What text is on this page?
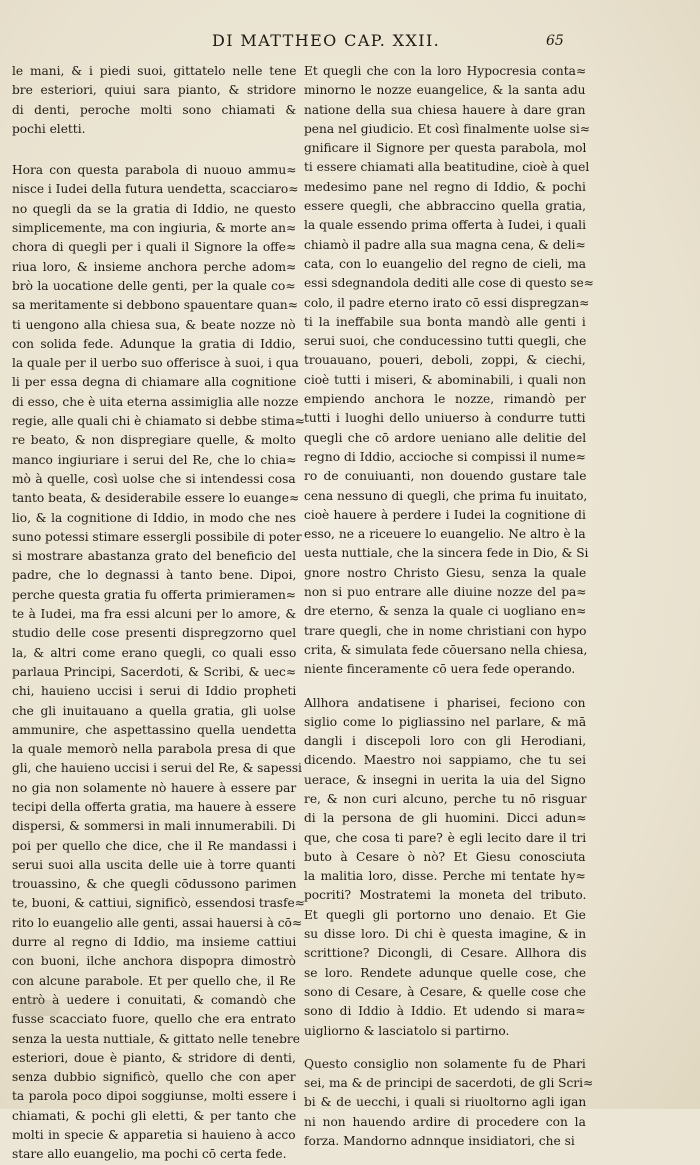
DI MATTHEO CAP. XXII.	65
le mani, & i piedi suoi, gittatelo nelle tene
bre esteriori, quiui sara pianto, & stridore
di denti, peroche molti sono chiamati &
pochi eletti.
Hora con questa parabola di nuouo ammu≈
nisce i Iudei della futura uendetta, scacciaro≈
no quegli da se la gratia di Iddio, ne questo
simplicemente, ma con ingiuria, & morte an≈
chora di quegli per i quali il Signore la offe≈
riua loro, & insieme anchora perche adom≈
brò la uocatione delle genti, per la quale co≈
sa meritamente si debbono spauentare quan≈
ti uengono alla chiesa sua, & beate nozze nò
con solida fede. Adunque la gratia di Iddio,
la quale per il uerbo suo offerisce à suoi, i qua
li per essa degna di chiamare alla cognitione
di esso, che è uita eterna assimiglia alle nozze
regie, alle quali chi è chiamato si debbe stima≈
re beato, & non dispregiare quelle, & molto
manco ingiuriare i serui del Re, che lo chia≈
mò à quelle, così uolse che si intendessi cosa
tanto beata, & desiderabile essere lo euange≈
lio, & la cognitione di Iddio, in modo che nes
suno potessi stimare essergli possibile di poter
si mostrare abastanza grato del beneficio del
padre, che lo degnassi à tanto bene. Dipoi,
perche questa gratia fu offerta primieramen≈
te à Iudei, ma fra essi alcuni per lo amore, &
studio delle cose presenti dispregzorno quel
la, & altri come erano quegli, co quali esso
parlaua Principi, Sacerdoti, & Scribi, & uec≈
chi, hauieno uccisi i serui di Iddio propheti
che gli inuitauano a quella gratia, gli uolse
ammunire, che aspettassino quella uendetta
la quale memorò nella parabola presa di que
gli, che hauieno uccisi i serui del Re, & sapessi
no gia non solamente nò hauere à essere par
tecipi della offerta gratia, ma hauere à essere
dispersi, & sommersi in mali innumerabili. Di
poi per quello che dice, che il Re mandassi i
serui suoi alla uscita delle uie à torre quanti
trouassino, & che quegli cōdussono parimen
te, buoni, & cattiui, significò, essendosi trasfe≈
rito lo euangelio alle genti, assai hauersi à cō≈
durre al regno di Iddio, ma insieme cattiui
con buoni, ilche anchora dispopra dimostrò
con alcune parabole. Et per quello che, il Re
entrò à uedere i conuitati, & comandò che
fusse scacciato fuore, quello che era entrato
senza la uesta nuttiale, & gittato nelle tenebre
esteriori, doue è pianto, & stridore di denti,
senza dubbio significò, quello che con aper
ta parola poco dipoi soggiunse, molti essere i
chiamati, & pochi gli eletti, & per tanto che
molti in specie & apparetia si hauieno à acco
stare allo euangelio, ma pochi cō certa fede.
Et quegli che con la loro Hypocresia conta≈
minorno le nozze euangelice, & la santa adu
natione della sua chiesa hauere à dare gran
pena nel giudicio. Et così finalmente uolse si≈
gnificare il Signore per questa parabola, mol
ti essere chiamati alla beatitudine, cioè à quel
medesimo pane nel regno di Iddio, & pochi
essere quegli, che abbraccino quella gratia,
la quale essendo prima offerta à Iudei, i quali
chiamò il padre alla sua magna cena, & deli≈
cata, con lo euangelio del regno de cieli, ma
essi sdegnandola dediti alle cose di questo se≈
colo, il padre eterno irato cō essi dispregzan≈
ti la ineffabile sua bonta mandò alle genti i
serui suoi, che conducessino tutti quegli, che
trouauano, poueri, deboli, zoppi, & ciechi,
cioè tutti i miseri, & abominabili, i quali non
empiendo anchora le nozze, rimandò per
tutti i luoghi dello uniuerso à condurre tutti
quegli che cō ardore ueniano alle delitie del
regno di Iddio, accioche si compissi il nume≈
ro de conuiuanti, non douendo gustare tale
cena nessuno di quegli, che prima fu inuitato,
cioè hauere à perdere i Iudei la cognitione di
esso, ne a riceuere lo euangelio. Ne altro è la
uesta nuttiale, che la sincera fede in Dio, & Si
gnore nostro Christo Giesu, senza la quale
non si puo entrare alle diuine nozze del pa≈
dre eterno, & senza la quale ci uogliano en≈
trare quegli, che in nome christiani con hypo
crita, & simulata fede cōuersano nella chiesa,
niente finceramente cō uera fede operando.
Allhora andatisene i pharisei, feciono con
siglio come lo pigliassino nel parlare, & mā
dangli i discepoli loro con gli Herodiani,
dicendo. Maestro noi sappiamo, che tu sei
uerace, & insegni in uerita la uia del Signo
re, & non curi alcuno, perche tu nō risguar
di la persona de gli huomini. Dicci adun≈
que, che cosa ti pare? è egli lecito dare il tri
buto à Cesare ò nò? Et Giesu conosciuta
la malitia loro, disse. Perche mi tentate hy≈
pocriti? Mostratemi la moneta del tributo.
Et quegli gli portorno uno denaio. Et Gie
su disse loro. Di chi è questa imagine, & in
scrittione? Dicongli, di Cesare. Allhora dis
se loro. Rendete adunque quelle cose, che
sono di Cesare, à Cesare, & quelle cose che
sono di Iddio à Iddio. Et udendo si mara≈
uigliorno & lasciatolo si partirno.
Questo consiglio non solamente fu de Phari
sei, ma & de principi de sacerdoti, de gli Scri≈
bi & de uecchi, i quali si riuoltorno agli igan
ni non hauendo ardire di procedere con la
forza. Mandorno adnnque insidiatori, che si
